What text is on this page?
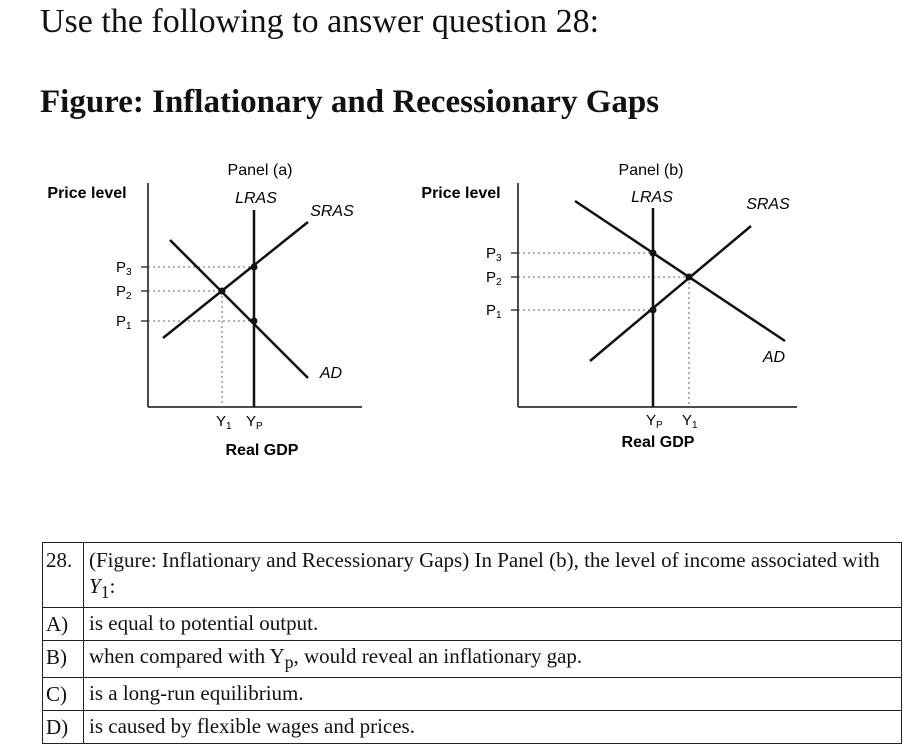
Use the following to answer question 28:
Figure: Inflationary and Recessionary Gaps
Panel (a)
Price level	LRAS
SRAS
AD
$P_3$
$P_2$
$P_1$
$Y_1$ $Y_P$
Real GDP
Panel (b)
Price level	LRAS	SRAS
AD
$P_3$
$P_2$
$P_1$
$Y_P$ $Y_1$
Real GDP
28.	(Figure: Inflationary and Recessionary Gaps) In Panel (b), the level of income associated with
$Y_1$:
A)	is equal to potential output.
B)	when compared with $Y_p$, would reveal an inflationary gap.
C)	is a long-run equilibrium.
D)	is caused by flexible wages and prices.
